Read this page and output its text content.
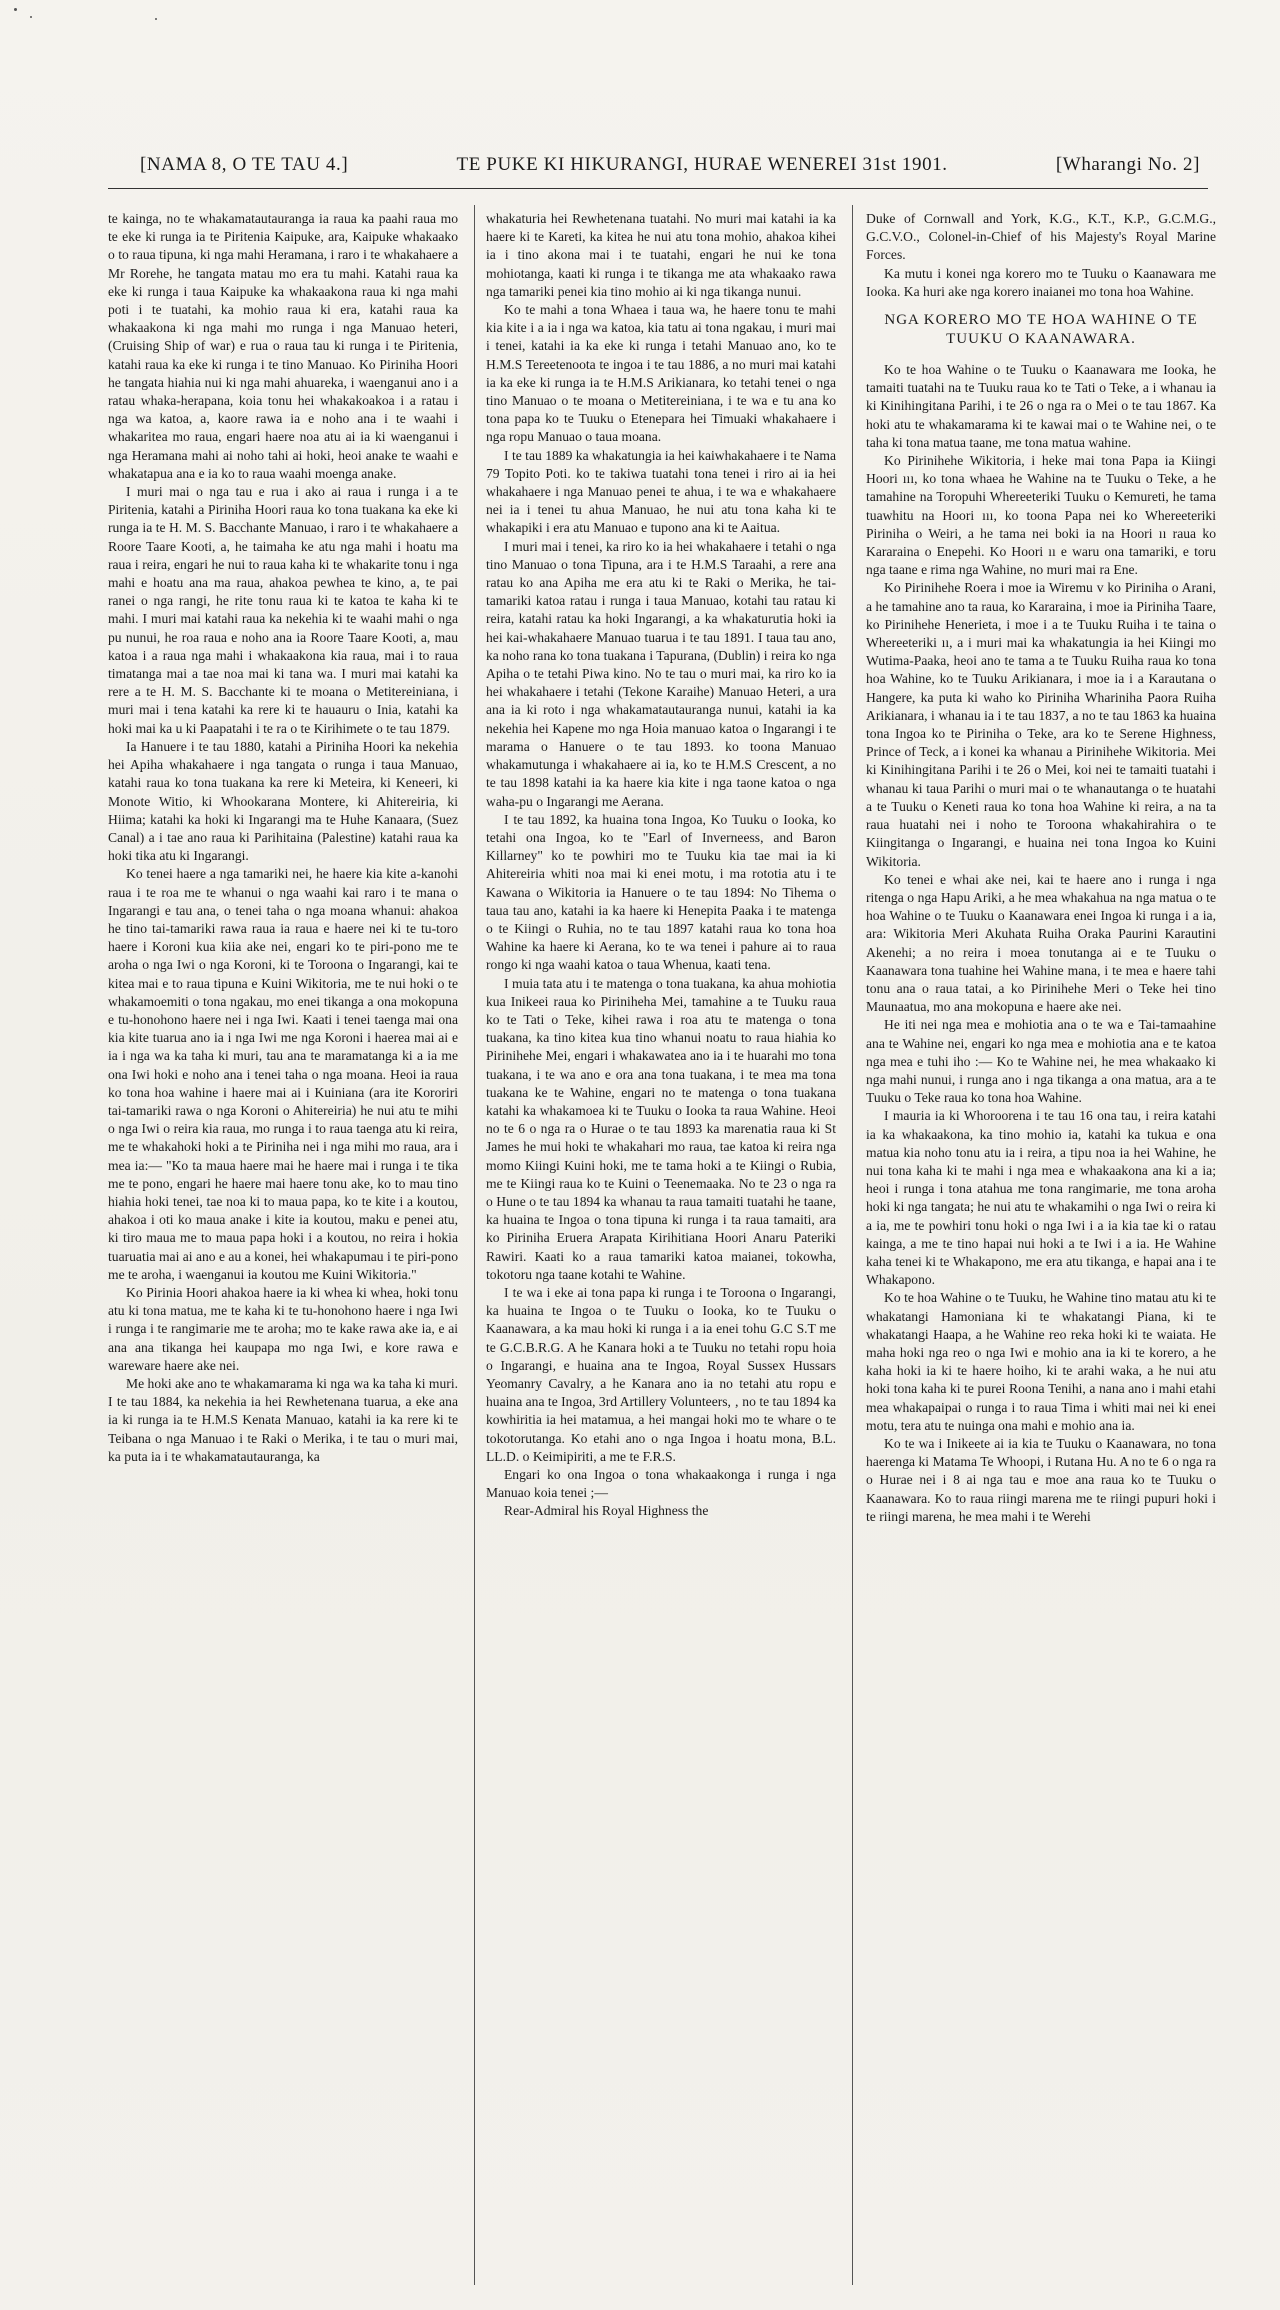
[NAMA 8, O TE TAU 4.]	TE PUKE KI HIKURANGI, HURAE WENEREI 31st 1901.	[Wharangi No. 2]

te kainga, no te whakamatautauranga ia raua ka paahi raua mo te eke ki runga ia te Piritenia Kaipuke, ara, Kaipuke whakaako o to raua tipuna, ki nga mahi Heramana, i raro i te whakahaere a Mr Rorehe, he tangata matau mo era tu mahi. Katahi raua ka eke ki runga i taua Kaipuke ka whakaakona raua ki nga mahi poti i te tuatahi, ka mohio raua ki era, katahi raua ka whakaakona ki nga mahi mo runga i nga Manuao heteri, (Cruising Ship of war) e rua o raua tau ki runga i te Piritenia, katahi raua ka eke ki runga i te tino Manuao. Ko Piriniha Hoori he tangata hiahia nui ki nga mahi ahuareka, i waenganui ano i a ratau whaka-herapana, koia tonu hei whakakoakoa i a ratau i nga wa katoa, a, kaore rawa ia e noho ana i te waahi i whakaritea mo raua, engari haere noa atu ai ia ki waenganui i nga Heramana mahi ai noho tahi ai hoki, heoi anake te waahi e whakatapua ana e ia ko to raua waahi moenga anake.

I muri mai o nga tau e rua i ako ai raua i runga i a te Piritenia, katahi a Piriniha Hoori raua ko tona tuakana ka eke ki runga ia te H. M. S. Bacchante Manuao, i raro i te whakahaere a Roore Taare Kooti, a, he taimaha ke atu nga mahi i hoatu ma raua i reira, engari he nui to raua kaha ki te whakarite tonu i nga mahi e hoatu ana ma raua, ahakoa pewhea te kino, a, te pai ranei o nga rangi, he rite tonu raua ki te katoa te kaha ki te mahi. I muri mai katahi raua ka nekehia ki te waahi mahi o nga pu nunui, he roa raua e noho ana ia Roore Taare Kooti, a, mau katoa i a raua nga mahi i whakaakona kia raua, mai i to raua timatanga mai a tae noa mai ki tana wa. I muri mai katahi ka rere a te H. M. S. Bacchante ki te moana o Metitereiniana, i muri mai i tena katahi ka rere ki te hauauru o Inia, katahi ka hoki mai ka u ki Paapatahi i te ra o te Kirihimete o te tau 1879.

Ia Hanuere i te tau 1880, katahi a Piriniha Hoori ka nekehia hei Apiha whakahaere i nga tangata o runga i taua Manuao, katahi raua ko tona tuakana ka rere ki Meteira, ki Keneeri, ki Monote Witio, ki Whookarana Montere, ki Ahitereiria, ki Hiima; katahi ka hoki ki Ingarangi ma te Huhe Kanaara, (Suez Canal) a i tae ano raua ki Parihitaina (Palestine) katahi raua ka hoki tika atu ki Ingarangi.

Ko tenei haere a nga tamariki nei, he haere kia kite a-kanohi raua i te roa me te whanui o nga waahi kai raro i te mana o Ingarangi e tau ana, o tenei taha o nga moana whanui: ahakoa he tino tai-tamariki rawa raua ia raua e haere nei ki te tu-toro haere i Koroni kua kiia ake nei, engari ko te piri-pono me te aroha o nga Iwi o nga Koroni, ki te Toroona o Ingarangi, kai te kitea mai e to raua tipuna e Kuini Wikitoria, me te nui hoki o te whakamoemiti o tona ngakau, mo enei tikanga a ona mokopuna e tu-honohono haere nei i nga Iwi. Kaati i tenei taenga mai ona kia kite tuarua ano ia i nga Iwi me nga Koroni i haerea mai ai e ia i nga wa ka taha ki muri, tau ana te maramatanga ki a ia me ona Iwi hoki e noho ana i tenei taha o nga moana. Heoi ia raua ko tona hoa wahine i haere mai ai i Kuiniana (ara ite Kororiri tai-tamariki rawa o nga Koroni o Ahitereiria) he nui atu te mihi o nga Iwi o reira kia raua, mo runga i to raua taenga atu ki reira, me te whakahoki hoki a te Piriniha nei i nga mihi mo raua, ara i mea ia:— "Ko ta maua haere mai he haere mai i runga i te tika me te pono, engari he haere mai haere tonu ake, ko to mau tino hiahia hoki tenei, tae noa ki to maua papa, ko te kite i a koutou, ahakoa i oti ko maua anake i kite ia koutou, maku e penei atu, ki tiro maua me to maua papa hoki i a koutou, no reira i hokia tuaruatia mai ai ano e au a konei, hei whakapumau i te piri-pono me te aroha, i waenganui ia koutou me Kuini Wikitoria."

Ko Pirinia Hoori ahakoa haere ia ki whea ki whea, hoki tonu atu ki tona matua, me te kaha ki te tu-honohono haere i nga Iwi i runga i te rangimarie me te aroha; mo te kake rawa ake ia, e ai ana ana tikanga hei kaupapa mo nga Iwi, e kore rawa e wareware haere ake nei.

Me hoki ake ano te whakamarama ki nga wa ka taha ki muri. I te tau 1884, ka nekehia ia hei Rewhetenana tuarua, a eke ana ia ki runga ia te H.M.S Kenata Manuao, katahi ia ka rere ki te Teibana o nga Manuao i te Raki o Merika, i te tau o muri mai, ka puta ia i te whakamatautauranga, ka

whakaturia hei Rewhetenana tuatahi. No muri mai katahi ia ka haere ki te Kareti, ka kitea he nui atu tona mohio, ahakoa kihei ia i tino akona mai i te tuatahi, engari he nui ke tona mohiotanga, kaati ki runga i te tikanga me ata whakaako rawa nga tamariki penei kia tino mohio ai ki nga tikanga nunui.

Ko te mahi a tona Whaea i taua wa, he haere tonu te mahi kia kite i a ia i nga wa katoa, kia tatu ai tona ngakau, i muri mai i tenei, katahi ia ka eke ki runga i tetahi Manuao ano, ko te H.M.S Tereetenoota te ingoa i te tau 1886, a no muri mai katahi ia ka eke ki runga ia te H.M.S Arikianara, ko tetahi tenei o nga tino Manuao o te moana o Metitereiniana, i te wa e tu ana ko tona papa ko te Tuuku o Etenepara hei Timuaki whakahaere i nga ropu Manuao o taua moana.

I te tau 1889 ka whakatungia ia hei kaiwhakahaere i te Nama 79 Topito Poti. ko te takiwa tuatahi tona tenei i riro ai ia hei whakahaere i nga Manuao penei te ahua, i te wa e whakahaere nei ia i tenei tu ahua Manuao, he nui atu tona kaha ki te whakapiki i era atu Manuao e tupono ana ki te Aaitua.

I muri mai i tenei, ka riro ko ia hei whakahaere i tetahi o nga tino Manuao o tona Tipuna, ara i te H.M.S Taraahi, a rere ana ratau ko ana Apiha me era atu ki te Raki o Merika, he tai-tamariki katoa ratau i runga i taua Manuao, kotahi tau ratau ki reira, katahi ratau ka hoki Ingarangi, a ka whakaturutia hoki ia hei kai-whakahaere Manuao tuarua i te tau 1891. I taua tau ano, ka noho rana ko tona tuakana i Tapurana, (Dublin) i reira ko nga Apiha o te tetahi Piwa kino. No te tau o muri mai, ka riro ko ia hei whakahaere i tetahi (Tekone Karaihe) Manuao Heteri, a ura ana ia ki roto i nga whakamatautauranga nunui, katahi ia ka nekehia hei Kapene mo nga Hoia manuao katoa o Ingarangi i te marama o Hanuere o te tau 1893. ko toona Manuao whakamutunga i whakahaere ai ia, ko te H.M.S Crescent, a no te tau 1898 katahi ia ka haere kia kite i nga taone katoa o nga waha-pu o Ingarangi me Aerana.

I te tau 1892, ka huaina tona Ingoa, Ko Tuuku o Iooka, ko tetahi ona Ingoa, ko te "Earl of Inverneess, and Baron Killarney" ko te powhiri mo te Tuuku kia tae mai ia ki Ahitereiria whiti noa mai ki enei motu, i ma rototia atu i te Kawana o Wikitoria ia Hanuere o te tau 1894: No Tihema o taua tau ano, katahi ia ka haere ki Henepita Paaka i te matenga o te Kiingi o Ruhia, no te tau 1897 katahi raua ko tona hoa Wahine ka haere ki Aerana, ko te wa tenei i pahure ai to raua rongo ki nga waahi katoa o taua Whenua, kaati tena.

I muia tata atu i te matenga o tona tuakana, ka ahua mohiotia kua Inikeei raua ko Piriniheha Mei, tamahine a te Tuuku raua ko te Tati o Teke, kihei rawa i roa atu te matenga o tona tuakana, ka tino kitea kua tino whanui noatu to raua hiahia ko Pirinihehe Mei, engari i whakawatea ano ia i te huarahi mo tona tuakana, i te wa ano e ora ana tona tuakana, i te mea ma tona tuakana ke te Wahine, engari no te matenga o tona tuakana katahi ka whakamoea ki te Tuuku o Iooka ta raua Wahine. Heoi no te 6 o nga ra o Hurae o te tau 1893 ka marenatia raua ki St James he mui hoki te whakahari mo raua, tae katoa ki reira nga momo Kiingi Kuini hoki, me te tama hoki a te Kiingi o Rubia, me te Kiingi raua ko te Kuini o Teenemaaka. No te 23 o nga ra o Hune o te tau 1894 ka whanau ta raua tamaiti tuatahi he taane, ka huaina te Ingoa o tona tipuna ki runga i ta raua tamaiti, ara ko Piriniha Eruera Arapata Kirihitiana Hoori Anaru Pateriki Rawiri. Kaati ko a raua tamariki katoa maianei, tokowha, tokotoru nga taane kotahi te Wahine.

I te wa i eke ai tona papa ki runga i te Toroona o Ingarangi, ka huaina te Ingoa o te Tuuku o Iooka, ko te Tuuku o Kaanawara, a ka mau hoki ki runga i a ia enei tohu G.C S.T me te G.C.B.R.G. A he Kanara hoki a te Tuuku no tetahi ropu hoia o Ingarangi, e huaina ana te Ingoa, Royal Sussex Hussars Yeomanry Cavalry, a he Kanara ano ia no tetahi atu ropu e huaina ana te Ingoa, 3rd Artillery Volunteers, ‚ no te tau 1894 ka kowhiritia ia hei matamua, a hei mangai hoki mo te whare o te tokotorutanga. Ko etahi ano o nga Ingoa i hoatu mona, B.L. LL.D. o Keimipiriti, a me te F.R.S.

Engari ko ona Ingoa o tona whakaakonga i runga i nga Manuao koia tenei ;—

Rear-Admiral his Royal Highness the

Duke of Cornwall and York, K.G., K.T., K.P., G.C.M.G., G.C.V.O., Colonel-in-Chief of his Majesty's Royal Marine Forces.

Ka mutu i konei nga korero mo te Tuuku o Kaanawara me Iooka. Ka huri ake nga korero inaianei mo tona hoa Wahine.

NGA KORERO MO TE HOA WAHINE O TE TUUKU O KAANAWARA.

Ko te hoa Wahine o te Tuuku o Kaanawara me Iooka, he tamaiti tuatahi na te Tuuku raua ko te Tati o Teke, a i whanau ia ki Kinihingitana Parihi, i te 26 o nga ra o Mei o te tau 1867. Ka hoki atu te whakamarama ki te kawai mai o te Wahine nei, o te taha ki tona matua taane, me tona matua wahine.

Ko Pirinihehe Wikitoria, i heke mai tona Papa ia Kiingi Hoori ııı, ko tona whaea he Wahine na te Tuuku o Teke, a he tamahine na Toropuhi Whereeteriki Tuuku o Kemureti, he tama tuawhitu na Hoori ııı, ko toona Papa nei ko Whereeteriki Piriniha o Weiri, a he tama nei boki ia na Hoori ıı raua ko Kararaina o Enepehi. Ko Hoori ıı e waru ona tamariki, e toru nga taane e rima nga Wahine, no muri mai ra Ene.

Ko Pirinihehe Roera i moe ia Wiremu v ko Piriniha o Arani, a he tamahine ano ta raua, ko Kararaina, i moe ia Piriniha Taare, ko Pirinihehe Henerieta, i moe i a te Tuuku Ruiha i te taina o Whereeteriki ıı, a i muri mai ka whakatungia ia hei Kiingi mo Wutima-Paaka, heoi ano te tama a te Tuuku Ruiha raua ko tona hoa Wahine, ko te Tuuku Arikianara, i moe ia i a Karautana o Hangere, ka puta ki waho ko Piriniha Whariniha Paora Ruiha Arikianara, i whanau ia i te tau 1837, a no te tau 1863 ka huaina tona Ingoa ko te Piriniha o Teke, ara ko te Serene Highness, Prince of Teck, a i konei ka whanau a Pirinihehe Wikitoria. Mei ki Kinihingitana Parihi i te 26 o Mei, koi nei te tamaiti tuatahi i whanau ki taua Parihi o muri mai o te whanautanga o te huatahi a te Tuuku o Keneti raua ko tona hoa Wahine ki reira, a na ta raua huatahi nei i noho te Toroona whakahirahira o te Kiingitanga o Ingarangi, e huaina nei tona Ingoa ko Kuini Wikitoria.

Ko tenei e whai ake nei, kai te haere ano i runga i nga ritenga o nga Hapu Ariki, a he mea whakahua na nga matua o te hoa Wahine o te Tuuku o Kaanawara enei Ingoa ki runga i a ia, ara: Wikitoria Meri Akuhata Ruiha Oraka Paurini Karautini Akenehi; a no reira i moea tonutanga ai e te Tuuku o Kaanawara tona tuahine hei Wahine mana, i te mea e haere tahi tonu ana o raua tatai, a ko Pirinihehe Meri o Teke hei tino Maunaatua, mo ana mokopuna e haere ake nei.

He iti nei nga mea e mohiotia ana o te wa e Tai-tamaahine ana te Wahine nei, engari ko nga mea e mohiotia ana e te katoa nga mea e tuhi iho :— Ko te Wahine nei, he mea whakaako ki nga mahi nunui, i runga ano i nga tikanga a ona matua, ara a te Tuuku o Teke raua ko tona hoa Wahine.

I mauria ia ki Whoroorena i te tau 16 ona tau, i reira katahi ia ka whakaakona, ka tino mohio ia, katahi ka tukua e ona matua kia noho tonu atu ia i reira, a tipu noa ia hei Wahine, he nui tona kaha ki te mahi i nga mea e whakaakona ana ki a ia; heoi i runga i tona atahua me tona rangimarie, me tona aroha hoki ki nga tangata; he nui atu te whakamihi o nga Iwi o reira ki a ia, me te powhiri tonu hoki o nga Iwi i a ia kia tae ki o ratau kainga, a me te tino hapai nui hoki a te Iwi i a ia. He Wahine kaha tenei ki te Whakapono, me era atu tikanga, e hapai ana i te Whakapono.

Ko te hoa Wahine o te Tuuku, he Wahine tino matau atu ki te whakatangi Hamoniana ki te whakatangi Piana, ki te whakatangi Haapa, a he Wahine reo reka hoki ki te waiata. He maha hoki nga reo o nga Iwi e mohio ana ia ki te korero, a he kaha hoki ia ki te haere hoiho, ki te arahi waka, a he nui atu hoki tona kaha ki te purei Roona Tenihi, a nana ano i mahi etahi mea whakapaipai o runga i to raua Tima i whiti mai nei ki enei motu, tera atu te nuinga ona mahi e mohio ana ia.

Ko te wa i Inikeete ai ia kia te Tuuku o Kaanawara, no tona haerenga ki Matama Te Whoopi, i Rutana Hu. A no te 6 o nga ra o Hurae nei i 8 ai nga tau e moe ana raua ko te Tuuku o Kaanawara. Ko to raua riingi marena me te riingi pupuri hoki i te riingi marena, he mea mahi i te Werehi
